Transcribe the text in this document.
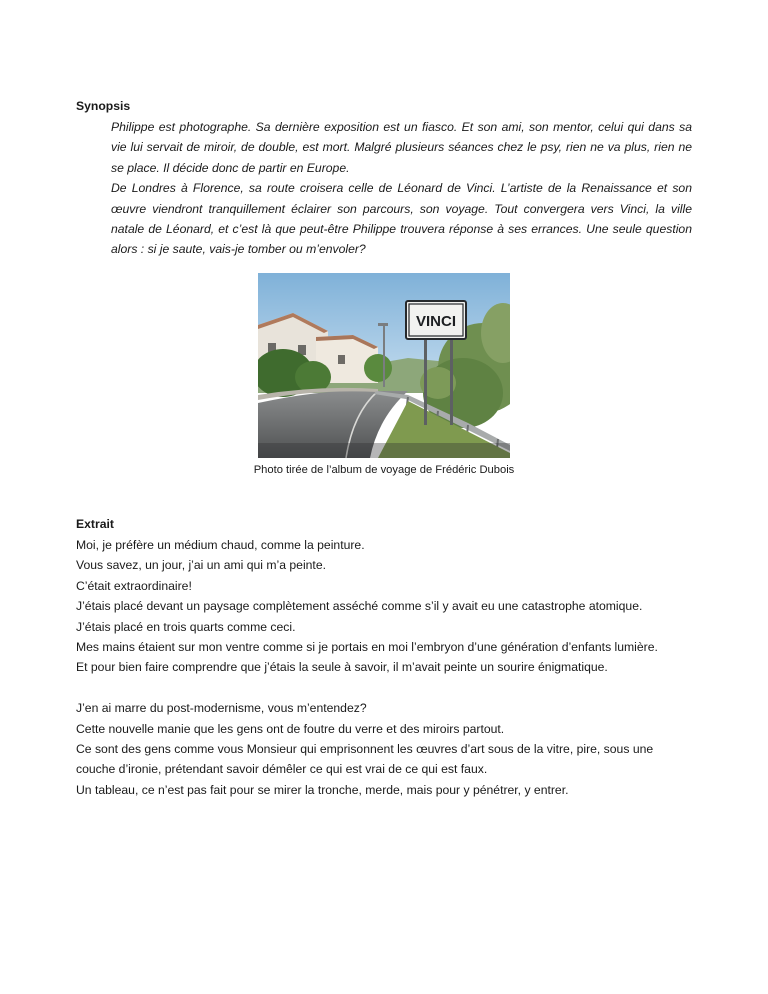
Synopsis

Philippe est photographe. Sa dernière exposition est un fiasco. Et son ami, son mentor, celui qui dans sa vie lui servait de miroir, de double, est mort. Malgré plusieurs séances chez le psy, rien ne va plus, rien ne se place. Il décide donc de partir en Europe.

De Londres à Florence, sa route croisera celle de Léonard de Vinci. L’artiste de la Renaissance et son œuvre viendront tranquillement éclairer son parcours, son voyage. Tout convergera vers Vinci, la ville natale de Léonard, et c’est là que peut-être Philippe trouvera réponse à ses errances. Une seule question alors : si je saute, vais-je tomber ou m’envoler?

VINCI
Photo tirée de l’album de voyage de Frédéric Dubois
Extrait
Moi, je préfère un médium chaud, comme la peinture.
Vous savez, un jour, j’ai un ami qui m’a peinte.
C’était extraordinaire!
J’étais placé devant un paysage complètement asséché comme s’il y avait eu une catastrophe atomique.
J’étais placé en trois quarts comme ceci.
Mes mains étaient sur mon ventre comme si je portais en moi l’embryon d’une génération d’enfants lumière.
Et pour bien faire comprendre que j’étais la seule à savoir, il m’avait peinte un sourire énigmatique.
J’en ai marre du post-modernisme, vous m’entendez?
Cette nouvelle manie que les gens ont de foutre du verre et des miroirs partout.
Ce sont des gens comme vous Monsieur qui emprisonnent les œuvres d’art sous de la vitre, pire, sous une couche d’ironie, prétendant savoir démêler ce qui est vrai de ce qui est faux.
Un tableau, ce n’est pas fait pour se mirer la tronche, merde, mais pour y pénétrer, y entrer.
